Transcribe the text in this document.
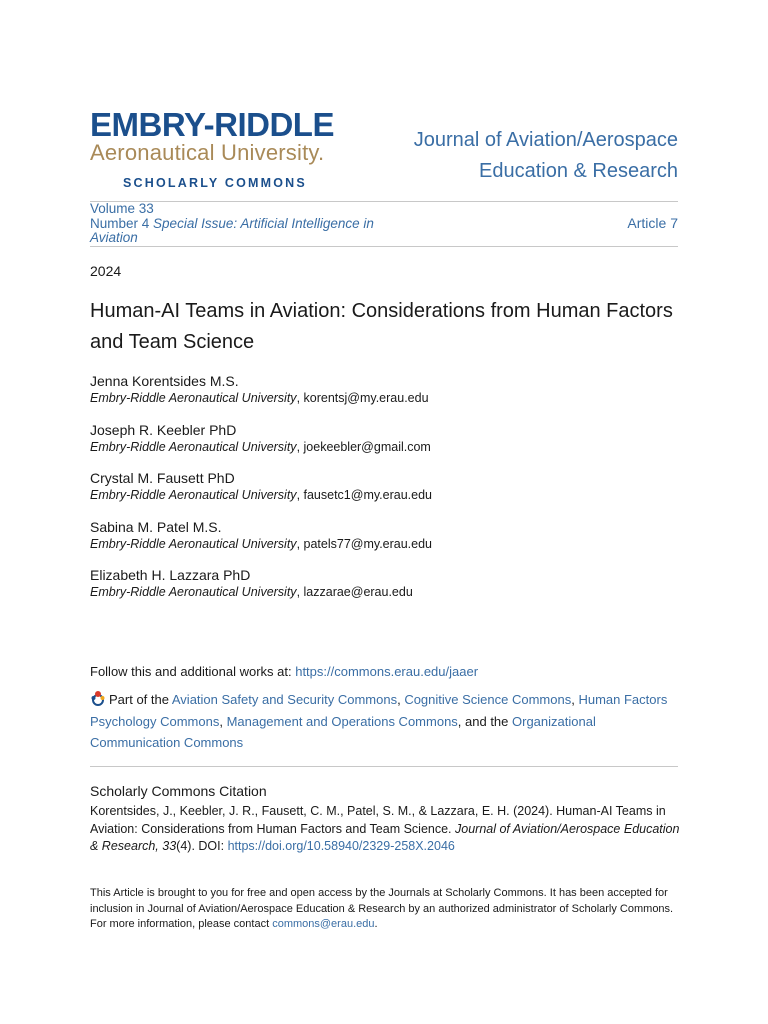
EMBRY-RIDDLE
Aeronautical University.
SCHOLARLY COMMONS
Journal of Aviation/Aerospace
Education & Research
Volume 33
Number 4 Special Issue: Artificial Intelligence in Aviation
Article 7
2024
Human-AI Teams in Aviation: Considerations from Human Factors and Team Science
Jenna Korentsides M.S.
Embry-Riddle Aeronautical University, korentsj@my.erau.edu
Joseph R. Keebler PhD
Embry-Riddle Aeronautical University, joekeebler@gmail.com
Crystal M. Fausett PhD
Embry-Riddle Aeronautical University, fausetc1@my.erau.edu
Sabina M. Patel M.S.
Embry-Riddle Aeronautical University, patels77@my.erau.edu
Elizabeth H. Lazzara PhD
Embry-Riddle Aeronautical University, lazzarae@erau.edu
Follow this and additional works at: https://commons.erau.edu/jaaer
Part of the Aviation Safety and Security Commons, Cognitive Science Commons, Human Factors Psychology Commons, Management and Operations Commons, and the Organizational Communication Commons
Scholarly Commons Citation
Korentsides, J., Keebler, J. R., Fausett, C. M., Patel, S. M., & Lazzara, E. H. (2024). Human-AI Teams in Aviation: Considerations from Human Factors and Team Science. Journal of Aviation/Aerospace Education & Research, 33(4). DOI: https://doi.org/10.58940/2329-258X.2046
This Article is brought to you for free and open access by the Journals at Scholarly Commons. It has been accepted for inclusion in Journal of Aviation/Aerospace Education & Research by an authorized administrator of Scholarly Commons. For more information, please contact commons@erau.edu.
